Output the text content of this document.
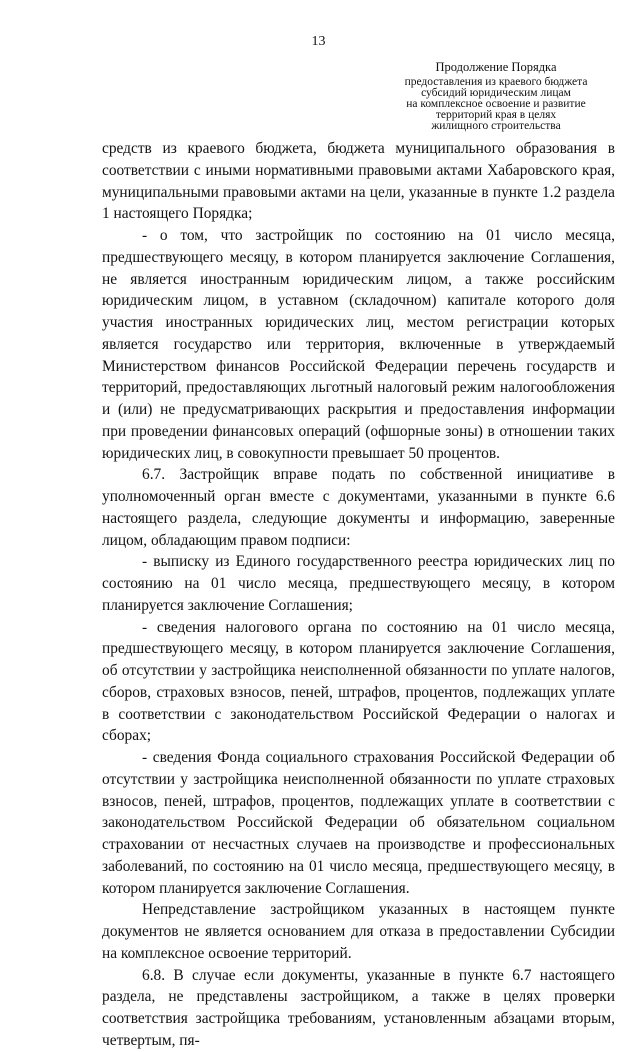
13
Продолжение Порядка
предоставления из краевого бюджета
субсидий юридическим лицам
на комплексное освоение и развитие
территорий края в целях
жилищного строительства

средств из краевого бюджета, бюджета муниципального образования в соответствии с иными нормативными правовыми актами Хабаровского края, муниципальными правовыми актами на цели, указанные в пункте 1.2 раздела 1 настоящего Порядка;

- о том, что застройщик по состоянию на 01 число месяца, предшествующего месяцу, в котором планируется заключение Соглашения, не является иностранным юридическим лицом, а также российским юридическим лицом, в уставном (складочном) капитале которого доля участия иностранных юридических лиц, местом регистрации которых является государство или территория, включенные в утверждаемый Министерством финансов Российской Федерации перечень государств и территорий, предоставляющих льготный налоговый режим налогообложения и (или) не предусматривающих раскрытия и предоставления информации при проведении финансовых операций (офшорные зоны) в отношении таких юридических лиц, в совокупности превышает 50 процентов.

6.7. Застройщик вправе подать по собственной инициативе в уполномоченный орган вместе с документами, указанными в пункте 6.6 настоящего раздела, следующие документы и информацию, заверенные лицом, обладающим правом подписи:

- выписку из Единого государственного реестра юридических лиц по состоянию на 01 число месяца, предшествующего месяцу, в котором планируется заключение Соглашения;

- сведения налогового органа по состоянию на 01 число месяца, предшествующего месяцу, в котором планируется заключение Соглашения, об отсутствии у застройщика неисполненной обязанности по уплате налогов, сборов, страховых взносов, пеней, штрафов, процентов, подлежащих уплате в соответствии с законодательством Российской Федерации о налогах и сборах;

- сведения Фонда социального страхования Российской Федерации об отсутствии у застройщика неисполненной обязанности по уплате страховых взносов, пеней, штрафов, процентов, подлежащих уплате в соответствии с законодательством Российской Федерации об обязательном социальном страховании от несчастных случаев на производстве и профессиональных заболеваний, по состоянию на 01 число месяца, предшествующего месяцу, в котором планируется заключение Соглашения.

Непредставление застройщиком указанных в настоящем пункте документов не является основанием для отказа в предоставлении Субсидии на комплексное освоение территорий.

6.8. В случае если документы, указанные в пункте 6.7 настоящего раздела, не представлены застройщиком, а также в целях проверки соответствия застройщика требованиям, установленным абзацами вторым, четвертым, пя-
